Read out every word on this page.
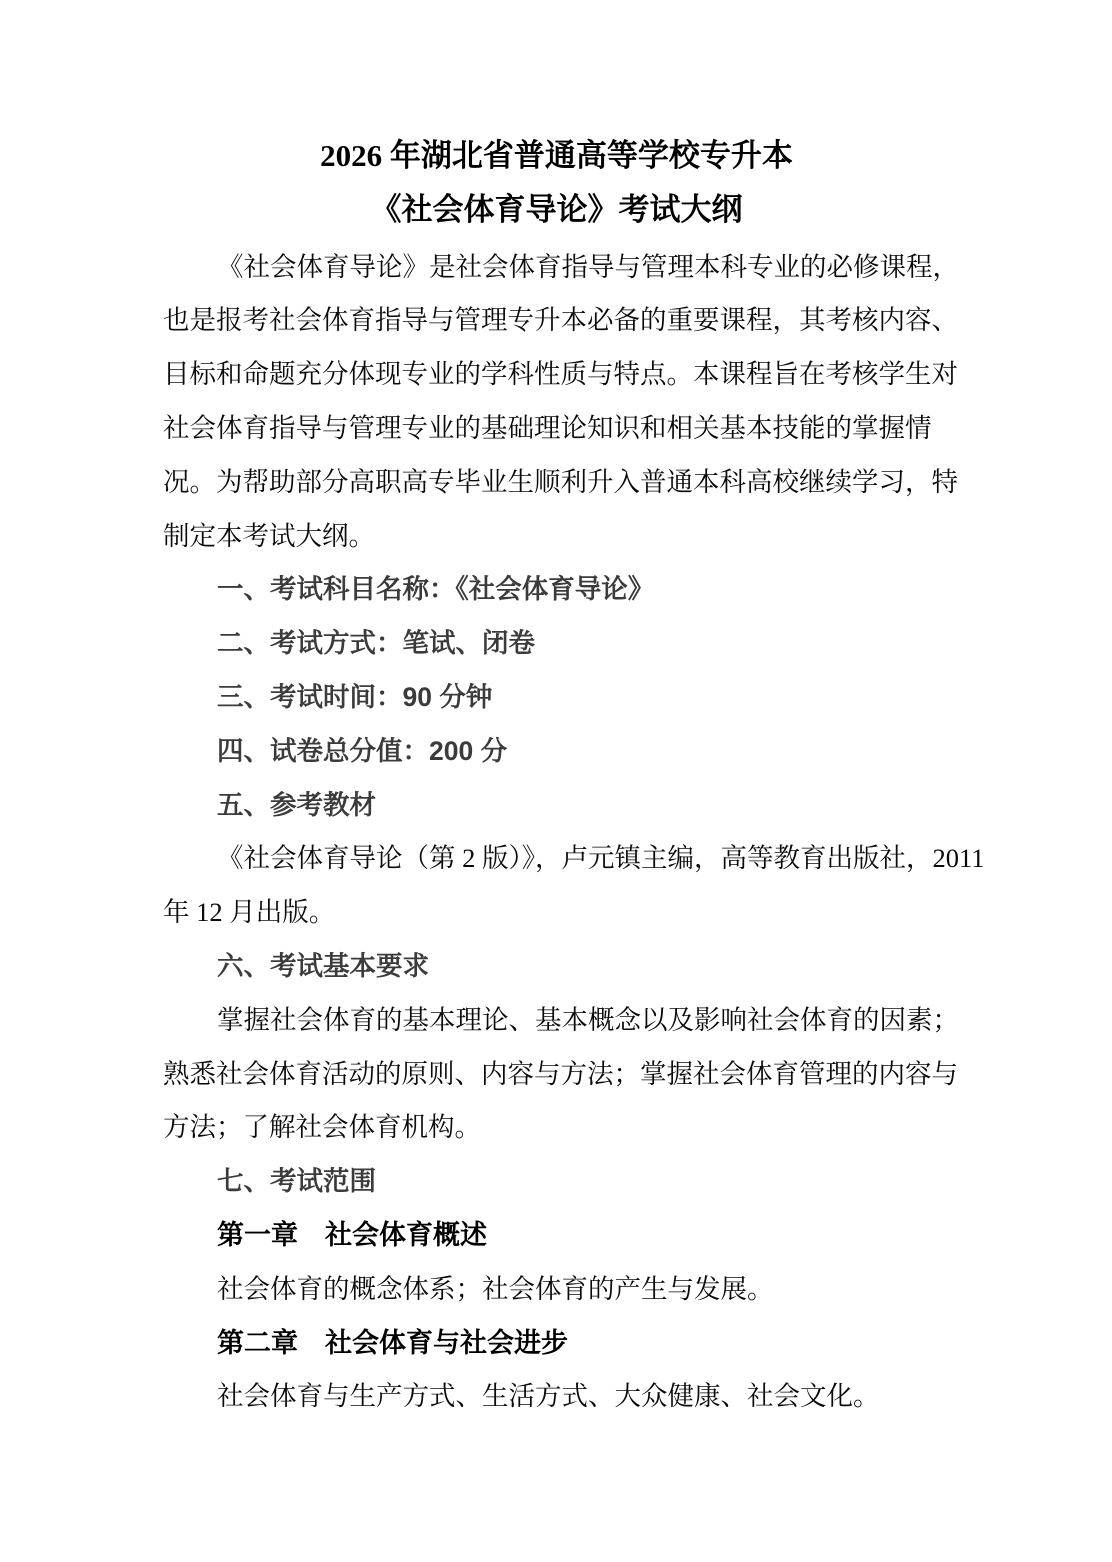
2026 年湖北省普通高等学校专升本
《社会体育导论》考试大纲
《社会体育导论》是社会体育指导与管理本科专业的必修课程，
也是报考社会体育指导与管理专升本必备的重要课程，其考核内容、
目标和命题充分体现专业的学科性质与特点。本课程旨在考核学生对
社会体育指导与管理专业的基础理论知识和相关基本技能的掌握情
况。为帮助部分高职高专毕业生顺利升入普通本科高校继续学习，特
制定本考试大纲。
一、考试科目名称：《社会体育导论》
二、考试方式：笔试、闭卷
三、考试时间：90 分钟
四、试卷总分值：200 分
五、参考教材
《社会体育导论（第 2 版）》，卢元镇主编，高等教育出版社，2011
年 12 月出版。
六、考试基本要求
掌握社会体育的基本理论、基本概念以及影响社会体育的因素；
熟悉社会体育活动的原则、内容与方法；掌握社会体育管理的内容与
方法；了解社会体育机构。
七、考试范围
第一章　社会体育概述
社会体育的概念体系；社会体育的产生与发展。
第二章　社会体育与社会进步
社会体育与生产方式、生活方式、大众健康、社会文化。
